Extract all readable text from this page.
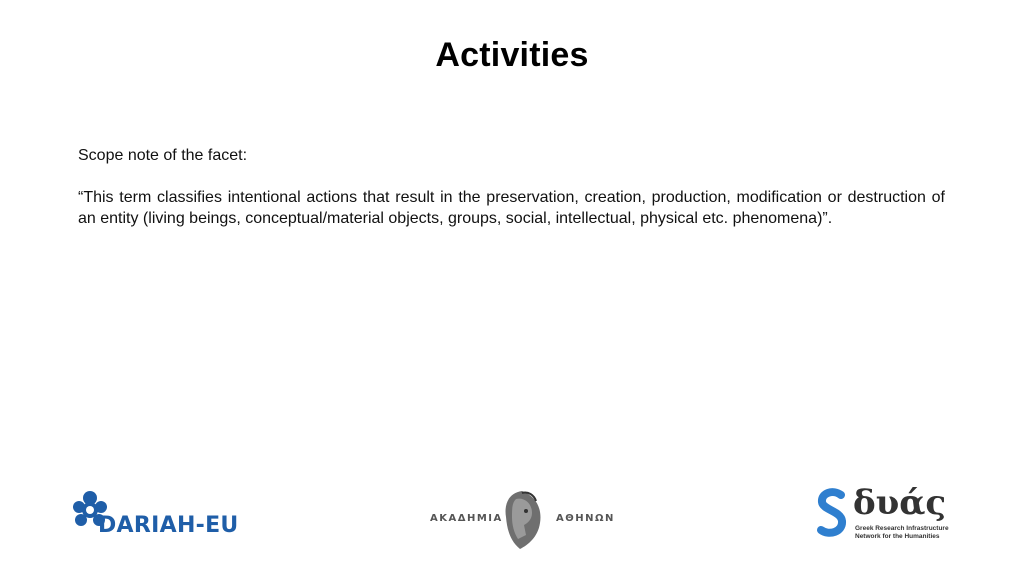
Activities
Scope note of the facet:
“This term classifies intentional actions that result in the preservation, creation, production, modification or destruction of an entity (living beings, conceptual/material objects, groups, social, intellectual, physical etc. phenomena)”.
DARIAH-EU	ΑΚΑΔΗΜΙΑ	ΑΘΗΝΩΝ	δυάς
Greek Research Infrastructure
Network for the Humanities
